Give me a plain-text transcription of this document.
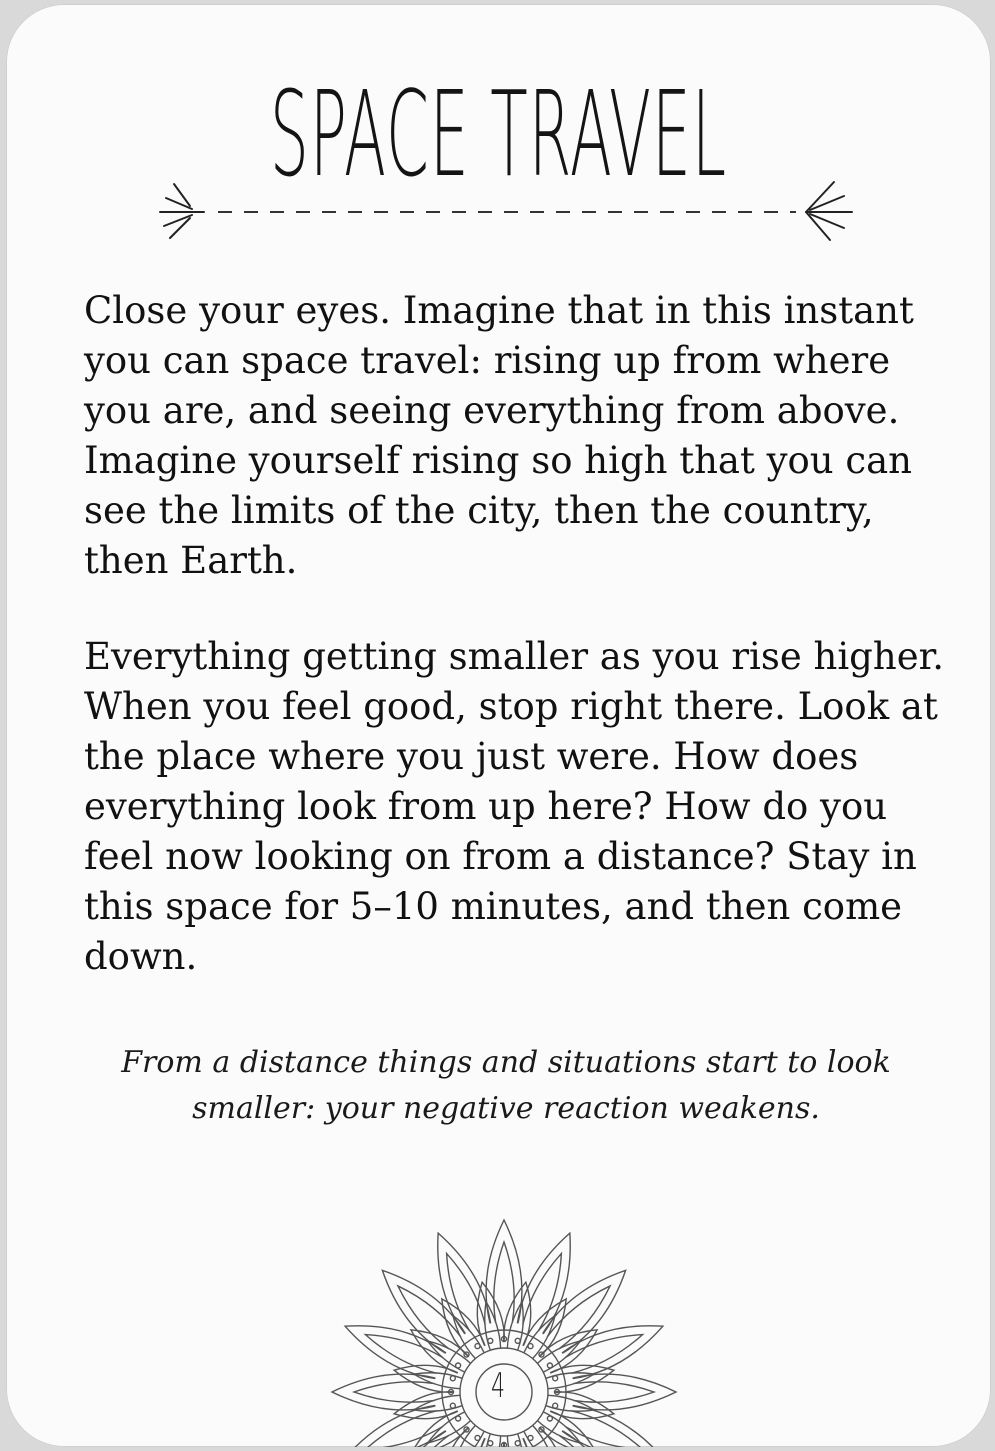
SPACE TRAVEL

Close your eyes. Imagine that in this instant you can space travel: rising up from where you are, and seeing everything from above. Imagine yourself rising so high that you can see the limits of the city, then the country, then Earth.

Everything getting smaller as you rise higher. When you feel good, stop right there. Look at the place where you just were. How does everything look from up here? How do you feel now looking on from a distance? Stay in this space for 5–10 minutes, and then come down.

From a distance things and situations start to look smaller: your negative reaction weakens.

4
